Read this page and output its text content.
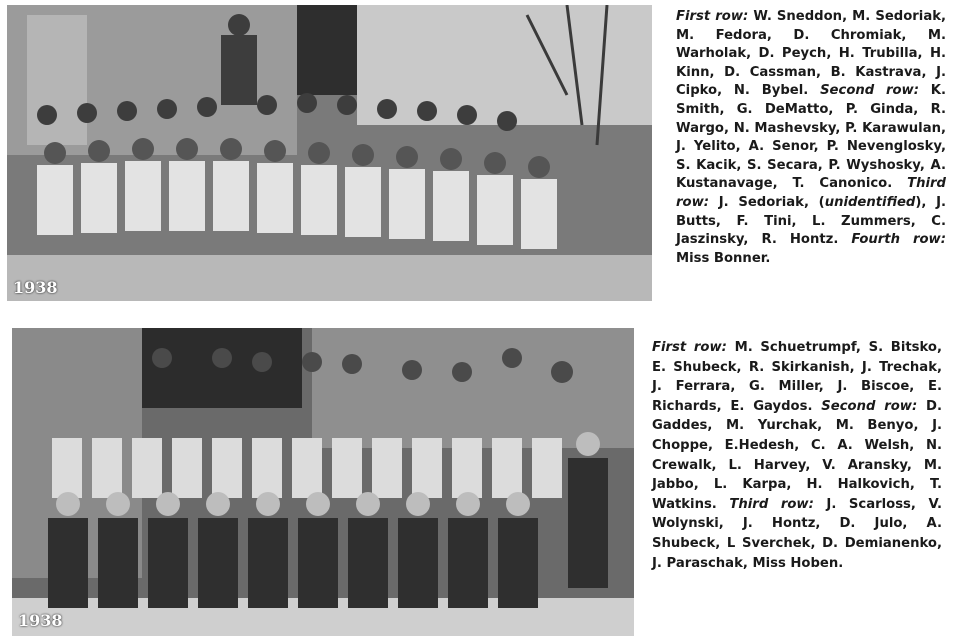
1938
First row: W. Sneddon, M. Sedoriak, M. Fedora, D. Chromiak, M. Warholak, D. Peych, H. Trubilla, H. Kinn, D. Cassman, B. Kastrava, J. Cipko, N. Bybel. Second row: K. Smith, G. DeMatto, P. Ginda, R. Wargo, N. Mashevsky, P. Karawulan, J. Yelito, A. Senor, P. Nevenglosky, S. Kacik, S. Secara, P. Wyshosky, A. Kustanavage, T. Canonico. Third row: J. Sedoriak, (unidentified), J. Butts, F. Tini, L. Zummers, C. Jaszinsky, R. Hontz. Fourth row: Miss Bonner.
1938
First row: M. Schuetrumpf, S. Bitsko, E. Shubeck, R. Skirkanish, J. Trechak, J. Ferrara, G. Miller, J. Biscoe, E. Richards, E. Gaydos. Second row: D. Gaddes, M. Yurchak, M. Benyo, J. Choppe, E.Hedesh, C. A. Welsh, N. Crewalk, L. Harvey, V. Aransky, M. Jabbo, L. Karpa, H. Halkovich, T. Watkins. Third row: J. Scarloss, V. Wolynski, J. Hontz, D. Julo, A. Shubeck, L Sverchek, D. Demianenko, J. Paraschak, Miss Hoben.
